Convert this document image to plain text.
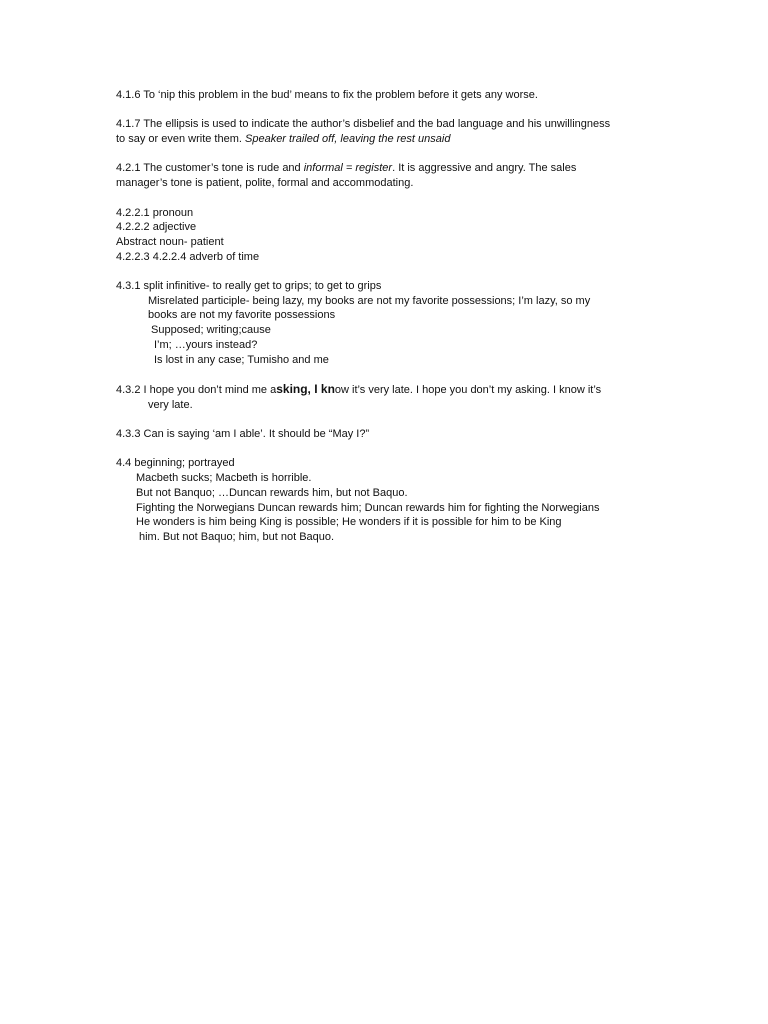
4.1.6 To ‘nip this problem in the bud’ means to fix the problem before it gets any worse.

4.1.7 The ellipsis is used to indicate the author’s disbelief and the bad language and his unwillingness
to say or even write them. Speaker trailed off, leaving the rest unsaid

4.2.1 The customer’s tone is rude and informal = register. It is aggressive and angry. The sales
manager’s tone is patient, polite, formal and accommodating.

4.2.2.1 pronoun
4.2.2.2 adjective
Abstract noun- patient
4.2.2.3 4.2.2.4 adverb of time

4.3.1 split infinitive- to really get to grips; to get to grips
Misrelated participle- being lazy, my books are not my favorite possessions; I’m lazy, so my
books are not my favorite possessions
Supposed; writing;cause
I’m; …yours instead?
Is lost in any case; Tumisho and me

4.3.2 I hope you don’t mind me asking, I know it’s very late. I hope you don’t my asking. I know it’s
very late.

4.3.3 Can is saying ‘am I able’. It should be “May I?”

4.4 beginning; portrayed
Macbeth sucks; Macbeth is horrible.
But not Banquo; …Duncan rewards him, but not Baquo.
Fighting the Norwegians Duncan rewards him; Duncan rewards him for fighting the Norwegians
He wonders is him being King is possible; He wonders if it is possible for him to be King
him. But not Baquo; him, but not Baquo.
